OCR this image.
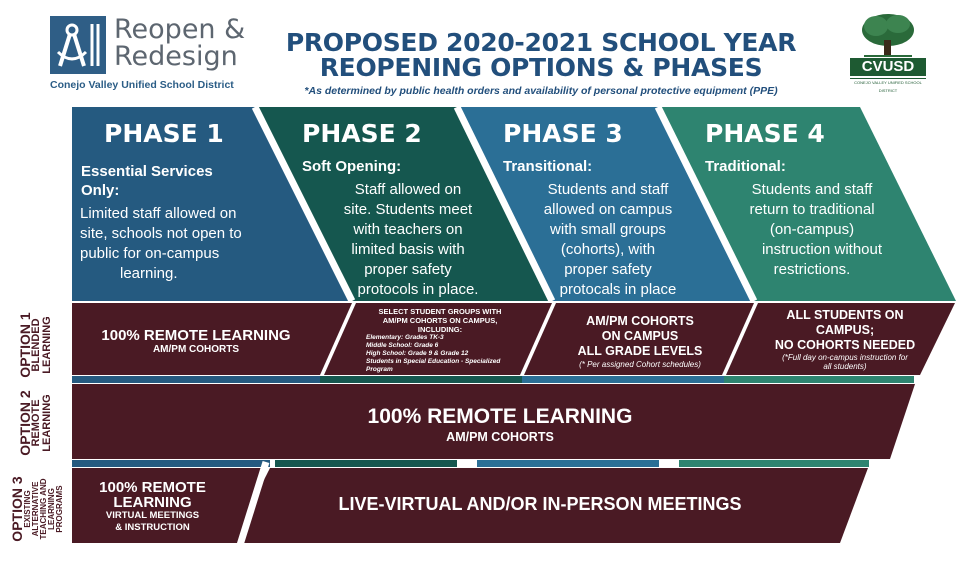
Reopen &
Redesign
Conejo Valley Unified School District
PROPOSED 2020-2021 SCHOOL YEAR
REOPENING OPTIONS & PHASES
*As determined by public health orders and availability of personal protective equipment (PPE)
CVUSD
CONEJO VALLEY UNIFIED SCHOOL DISTRICT
PHASE 1
Essential Services
Only:
Limited staff allowed on
site, schools not open to
public for on-campus
learning.
PHASE 2
Soft Opening:
Staff allowed on
site. Students meet
with teachers on
limited basis with
proper safety
protocols in place.
PHASE 3
Transitional:
Students and staff
allowed on campus
with small groups
(cohorts), with
proper safety
protocals in place
PHASE 4
Traditional:
Students and staff
return to traditional
(on-campus)
instruction without
restrictions.
OPTION 1
BLENDED LEARNING
OPTION 2
REMOTE LEARNING
OPTION 3
EXISTING ALTERNATIVE TEACHING AND LEARNING PROGRAMS
100% REMOTE LEARNING
AM/PM COHORTS
SELECT STUDENT GROUPS WITH
AM/PM COHORTS ON CAMPUS,
INCLUDING:
Elementary: Grades TK-3
Middle School: Grade 6
High School: Grade 9 & Grade 12
Students in Special Education - Specialized
Program
AM/PM COHORTS
ON CAMPUS
ALL GRADE LEVELS
(* Per assigned Cohort schedules)
ALL STUDENTS ON
CAMPUS;
NO COHORTS NEEDED
(*Full day on-campus instruction for
all students)
100% REMOTE LEARNING
AM/PM COHORTS
100% REMOTE
LEARNING
VIRTUAL MEETINGS
& INSTRUCTION
LIVE-VIRTUAL AND/OR IN-PERSON MEETINGS
